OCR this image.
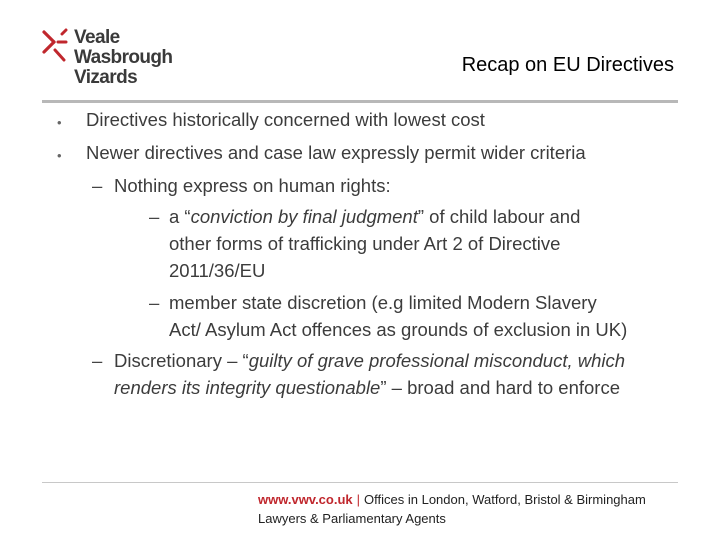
Veale Wasbrough
Vizards
Recap on EU Directives
• Directives historically concerned with lowest cost
• Newer directives and case law expressly permit wider criteria
– Nothing express on human rights:
– a “conviction by final judgment” of child labour and
other forms of trafficking under Art 2 of Directive
2011/36/EU
– member state discretion (e.g limited Modern Slavery
Act/ Asylum Act offences as grounds of exclusion in UK)
– Discretionary – “guilty of grave professional misconduct, which
renders its integrity questionable” – broad and hard to enforce
www.vwv.co.uk | Offices in London, Watford, Bristol & Birmingham
Lawyers & Parliamentary Agents
